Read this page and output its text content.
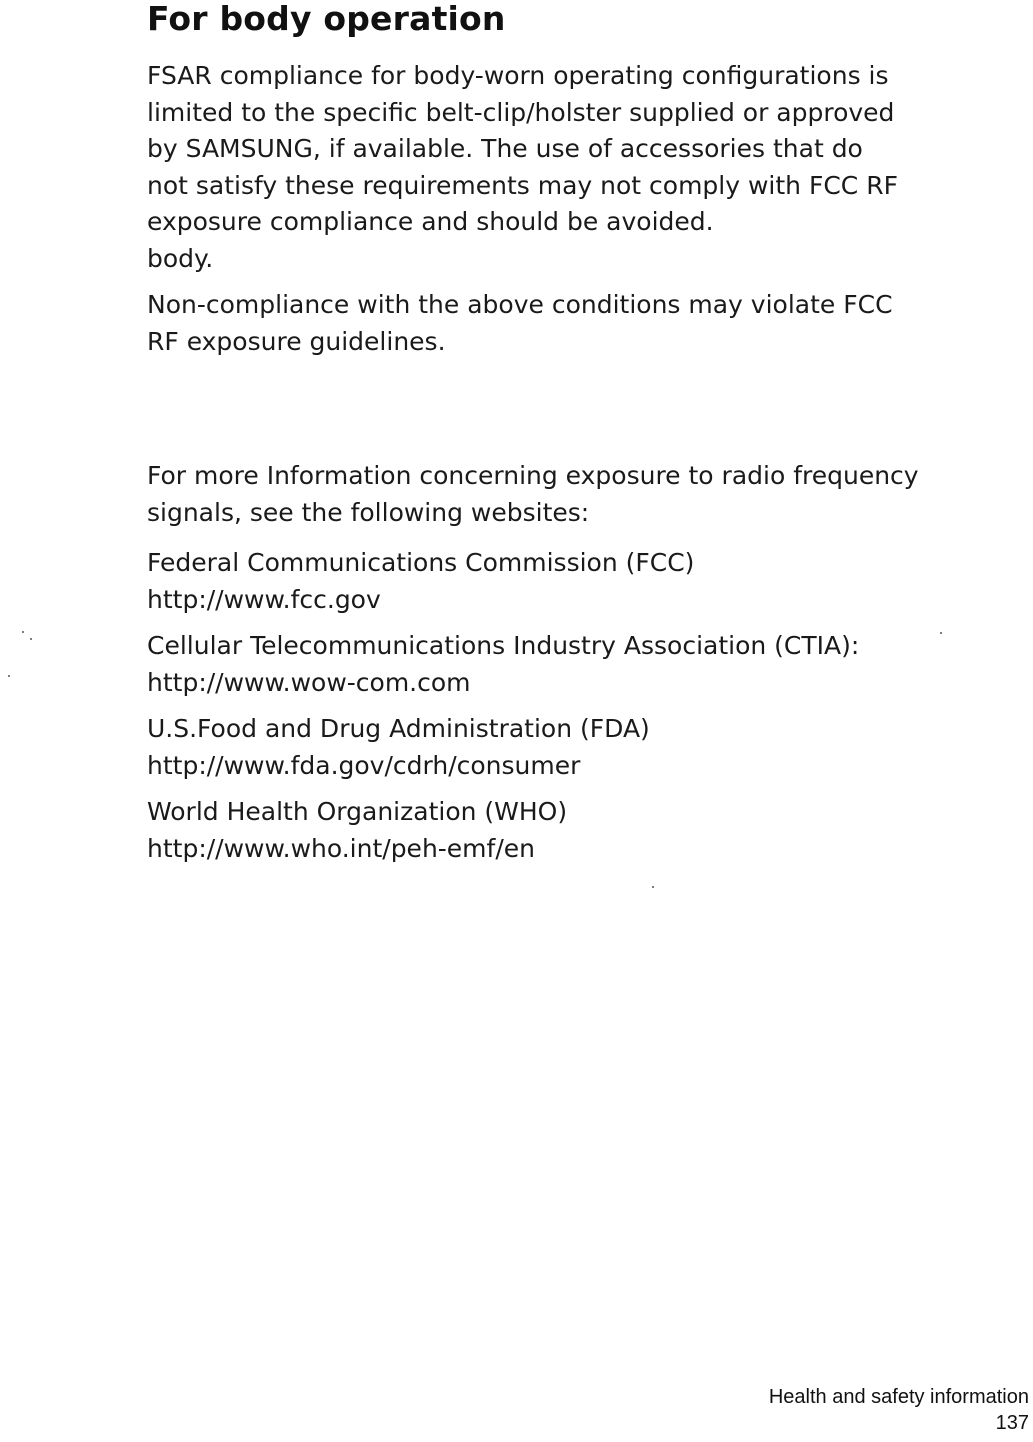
For body operation

FSAR compliance for body-worn operating configurations is
limited to the specific belt-clip/holster supplied or approved
by SAMSUNG, if available. The use of accessories that do
not satisfy these requirements may not comply with FCC RF
exposure compliance and should be avoided.
body.

Non-compliance with the above conditions may violate FCC
RF exposure guidelines.

For more Information concerning exposure to radio frequency
signals, see the following websites:

Federal Communications Commission (FCC)
http://www.fcc.gov
Cellular Telecommunications Industry Association (CTIA):
http://www.wow-com.com
U.S.Food and Drug Administration (FDA)
http://www.fda.gov/cdrh/consumer
World Health Organization (WHO)
http://www.who.int/peh-emf/en
Health and safety information
137
